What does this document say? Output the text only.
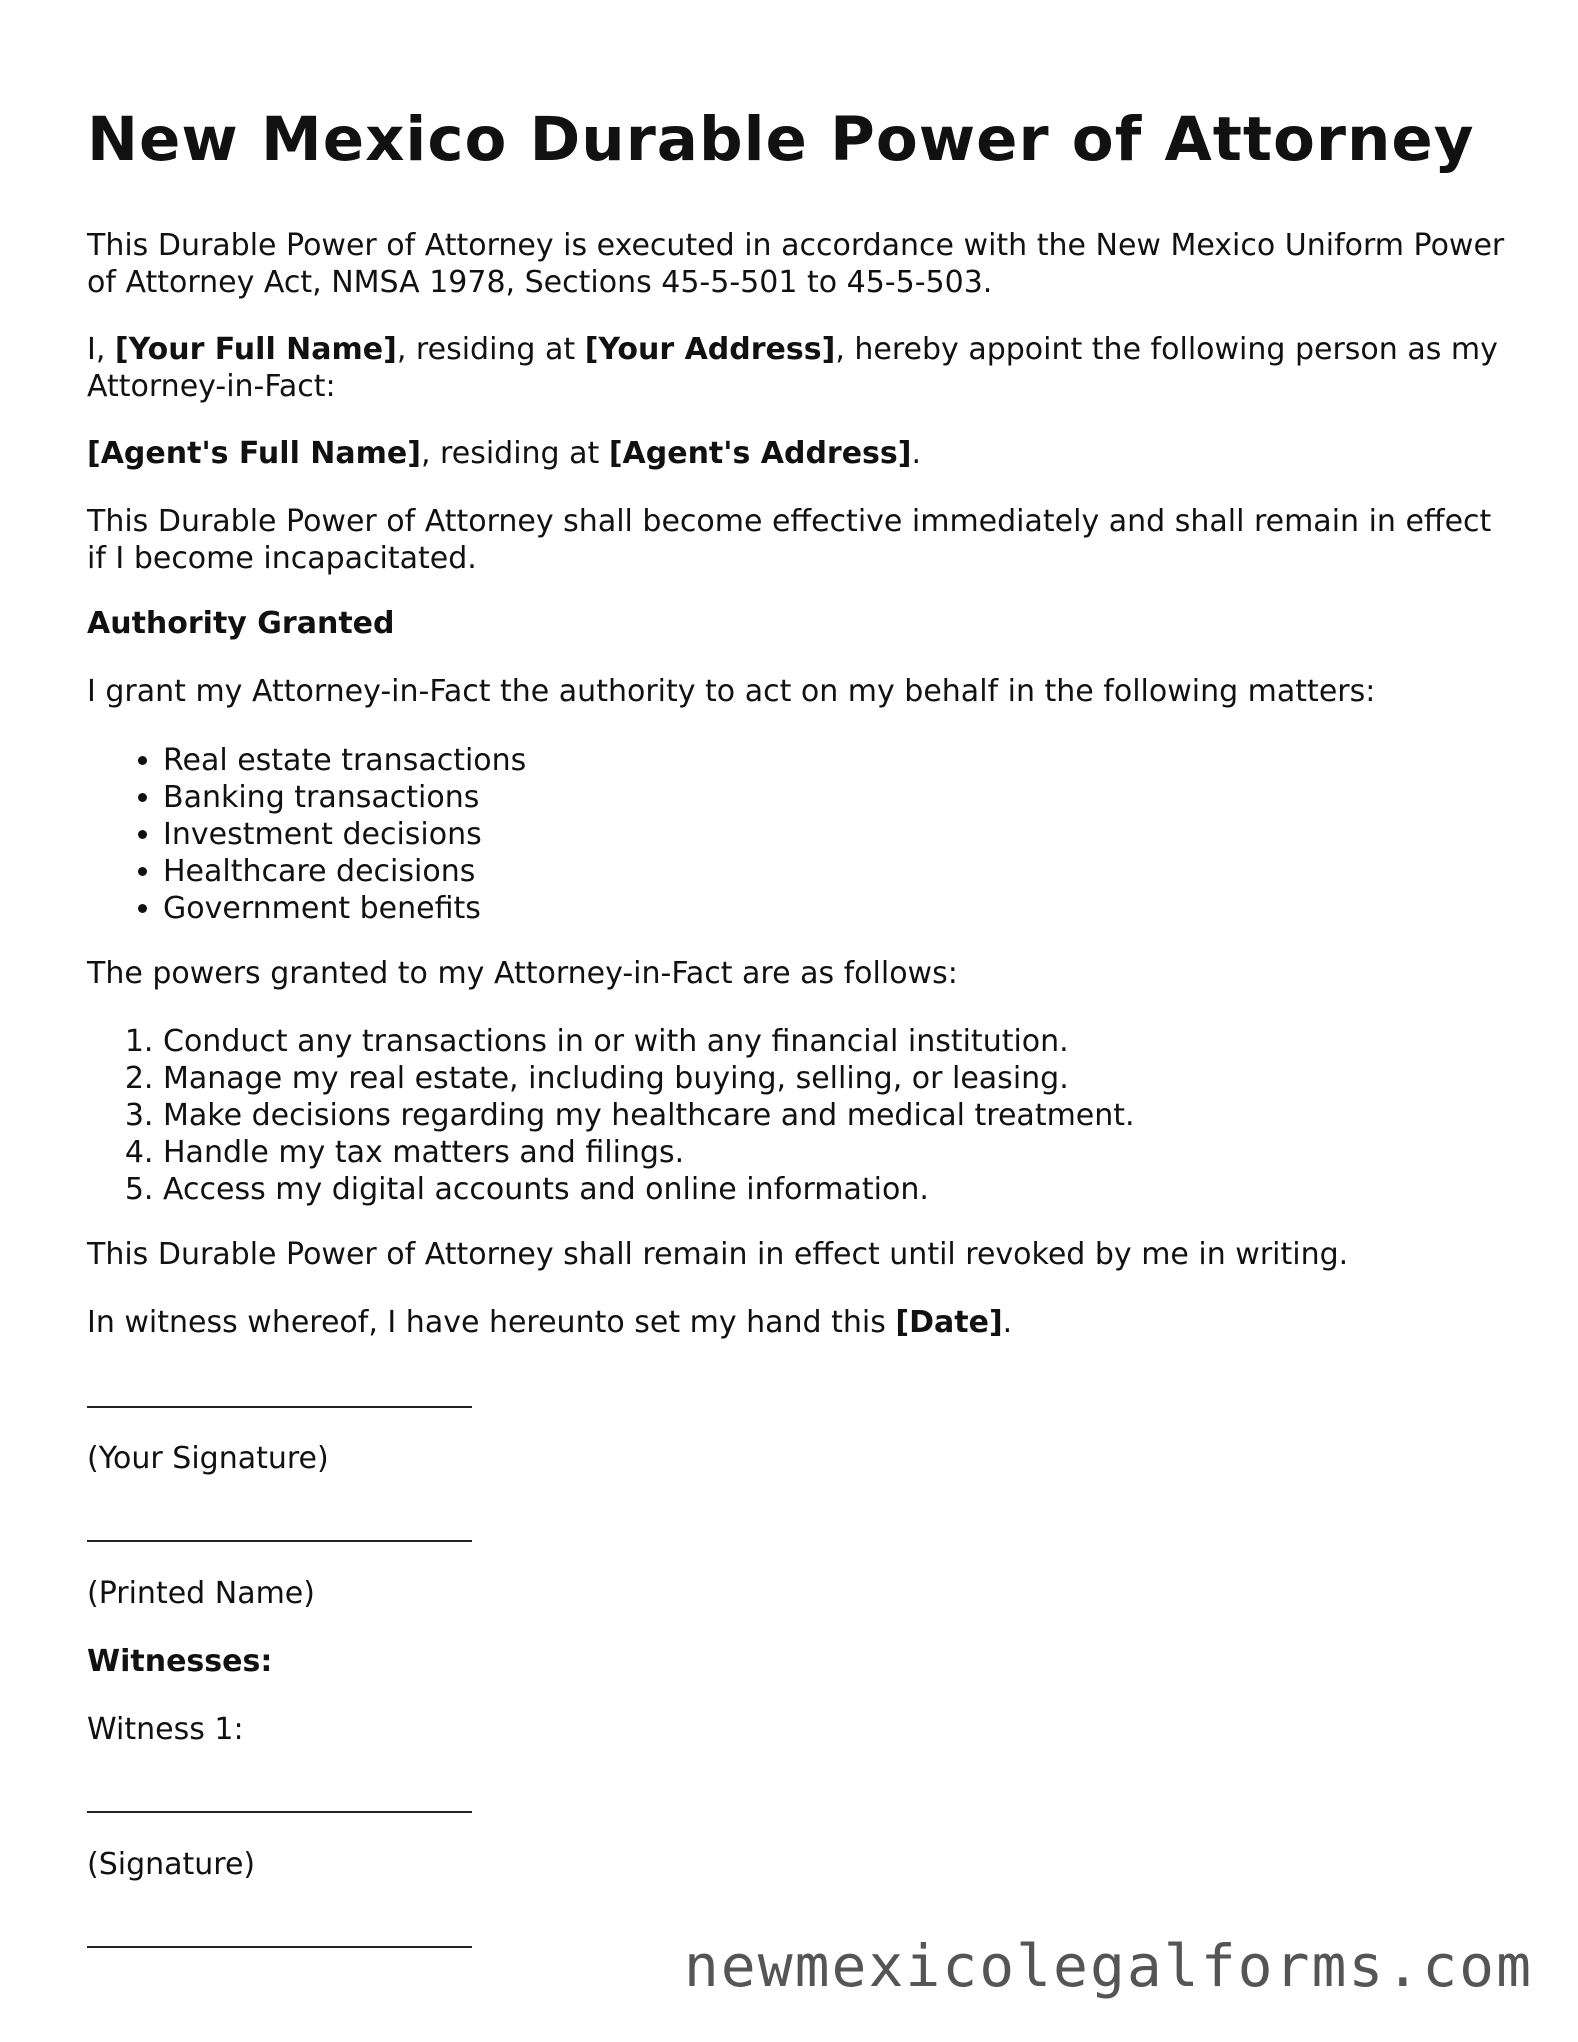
New Mexico Durable Power of Attorney

This Durable Power of Attorney is executed in accordance with the New Mexico Uniform Power of Attorney Act, NMSA 1978, Sections 45-5-501 to 45-5-503.

I, [Your Full Name], residing at [Your Address], hereby appoint the following person as my Attorney-in-Fact:

[Agent's Full Name], residing at [Agent's Address].

This Durable Power of Attorney shall become effective immediately and shall remain in effect if I become incapacitated.

Authority Granted

I grant my Attorney-in-Fact the authority to act on my behalf in the following matters:

• Real estate transactions
• Banking transactions
• Investment decisions
• Healthcare decisions
• Government benefits

The powers granted to my Attorney-in-Fact are as follows:

1. Conduct any transactions in or with any financial institution.
2. Manage my real estate, including buying, selling, or leasing.
3. Make decisions regarding my healthcare and medical treatment.
4. Handle my tax matters and filings.
5. Access my digital accounts and online information.

This Durable Power of Attorney shall remain in effect until revoked by me in writing.

In witness whereof, I have hereunto set my hand this [Date].

(Your Signature)

(Printed Name)

Witnesses:

Witness 1:

(Signature)

newmexicolegalforms.com
